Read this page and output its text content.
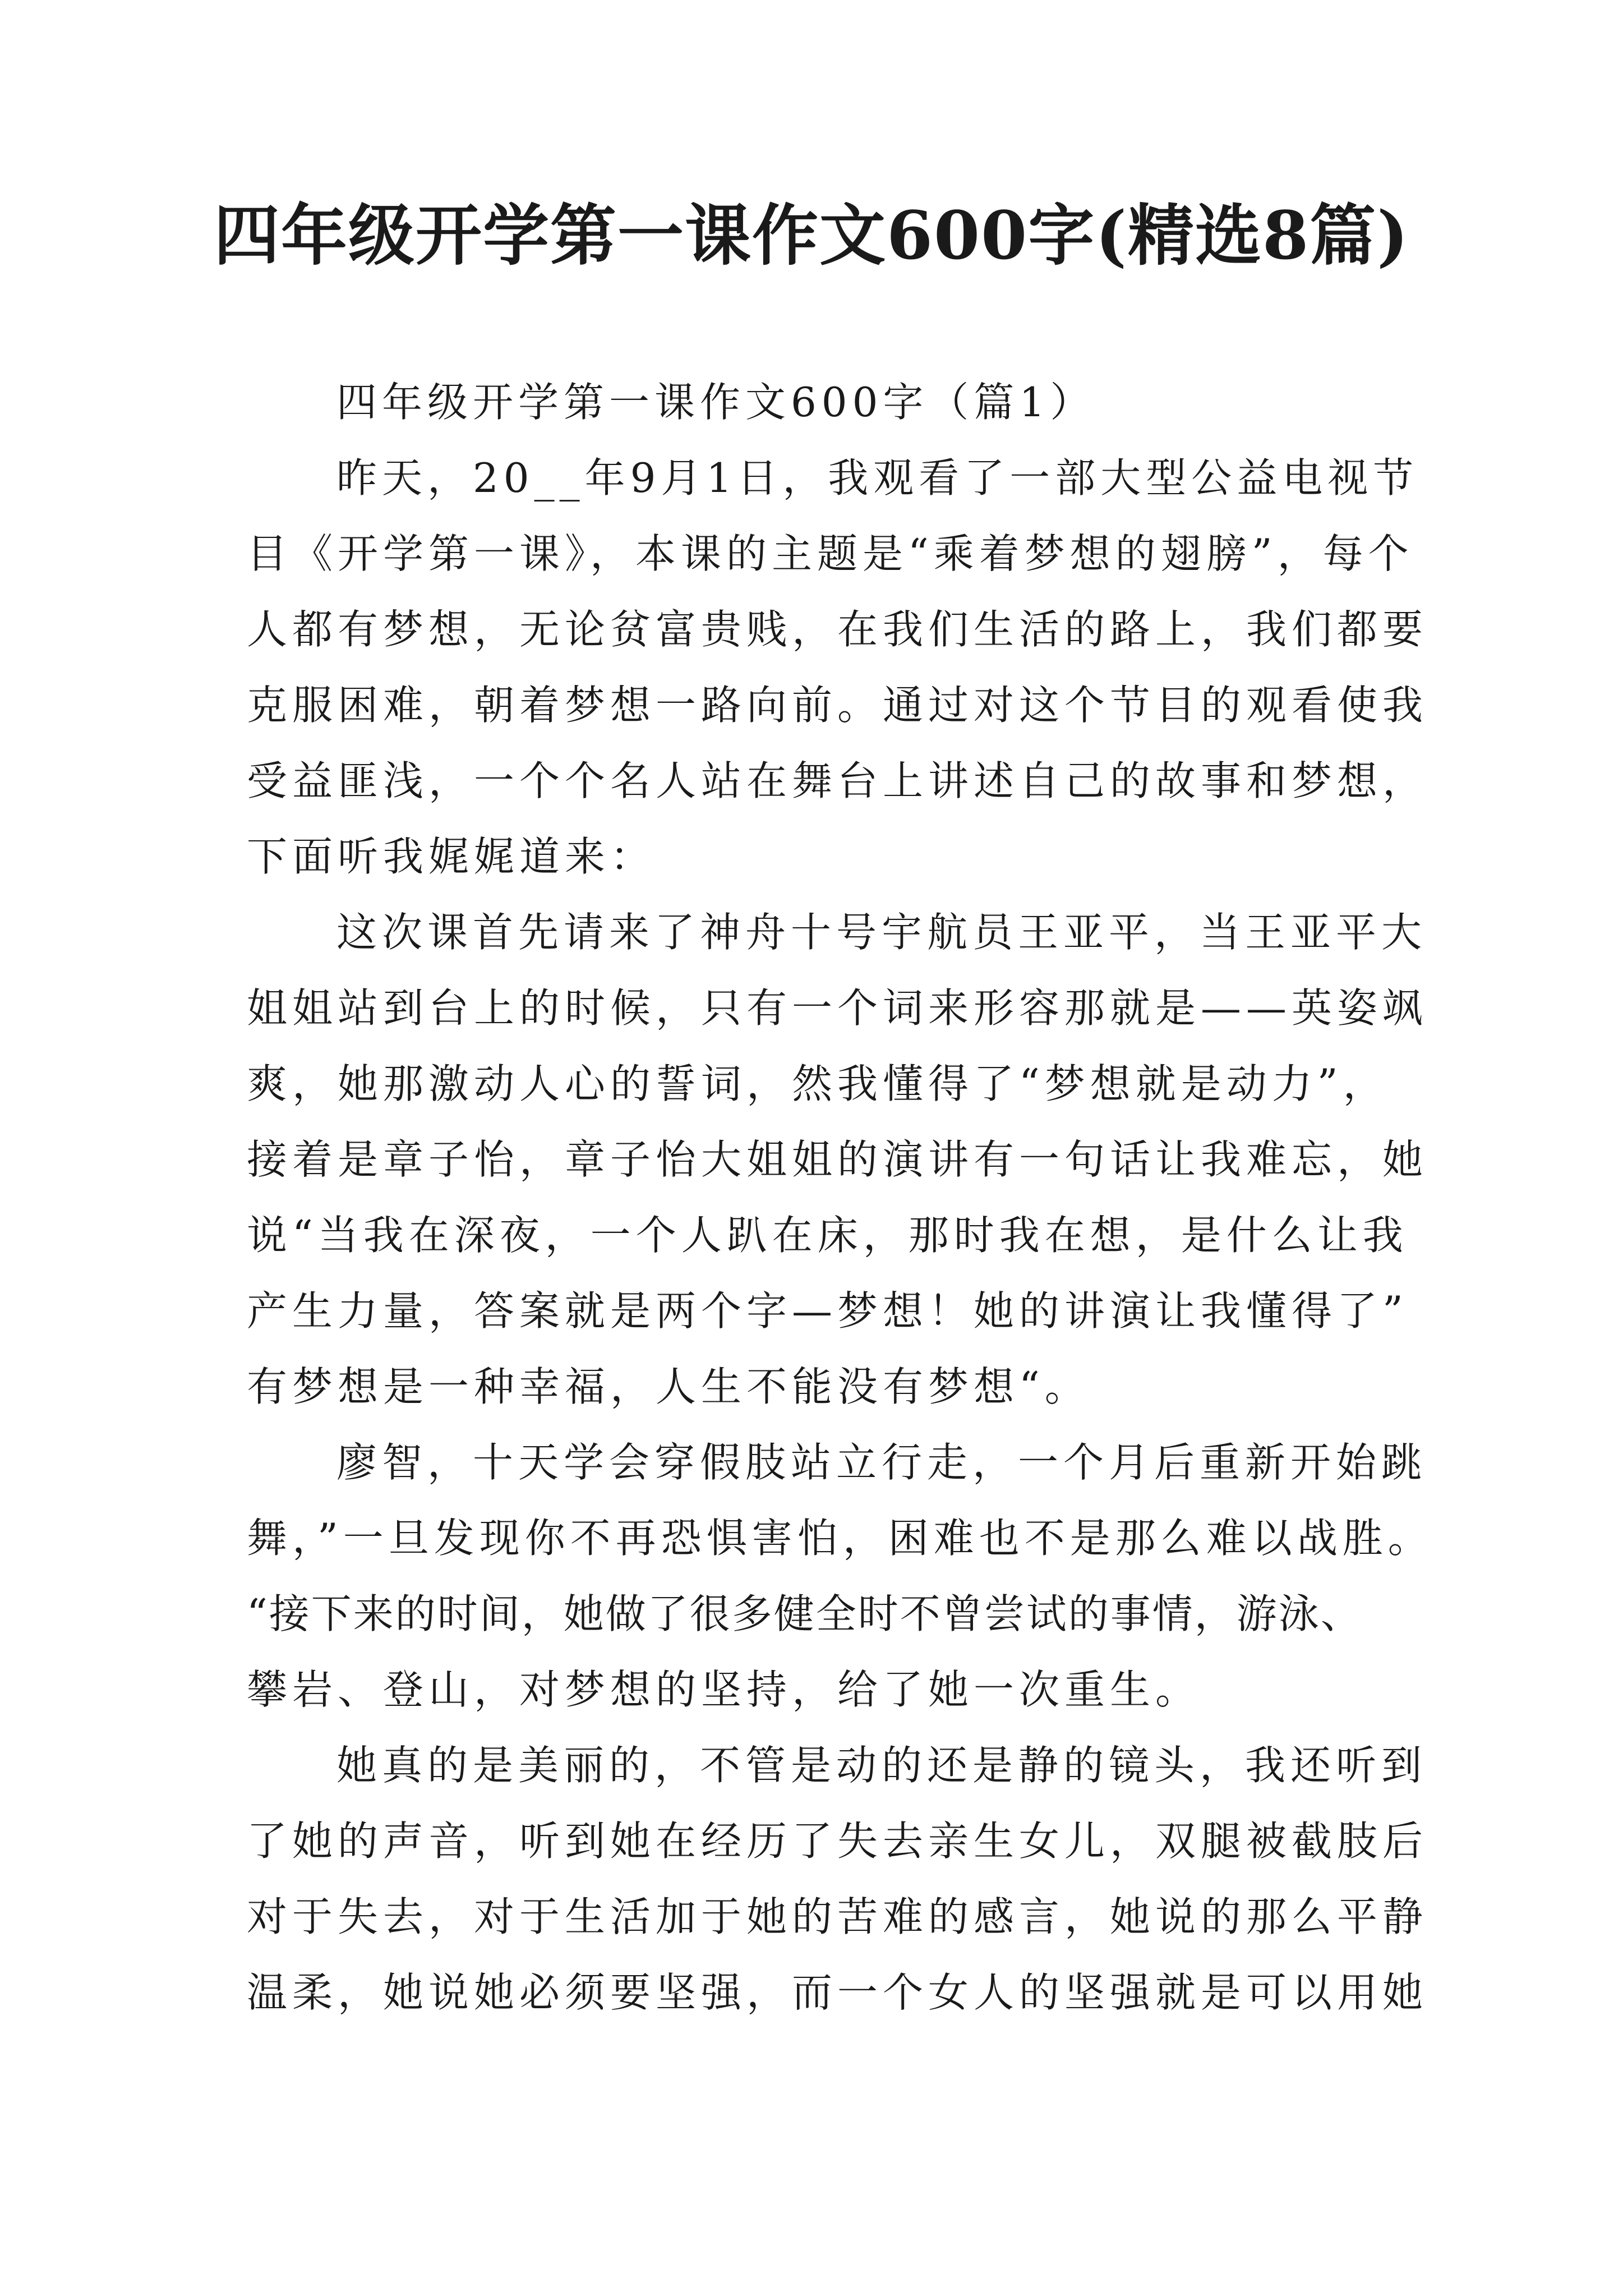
四年级开学第一课作文600字(精选8篇)
四年级开学第一课作文600字（篇1）
昨天，20__年9月1日，我观看了一部大型公益电视节
目《开学第一课》，本课的主题是“乘着梦想的翅膀”，每个
人都有梦想，无论贫富贵贱，在我们生活的路上，我们都要
克服困难，朝着梦想一路向前。通过对这个节目的观看使我
受益匪浅，一个个名人站在舞台上讲述自己的故事和梦想，
下面听我娓娓道来：
这次课首先请来了神舟十号宇航员王亚平，当王亚平大
姐姐站到台上的时候，只有一个词来形容那就是——英姿飒
爽，她那激动人心的誓词，然我懂得了“梦想就是动力”，
接着是章子怡，章子怡大姐姐的演讲有一句话让我难忘，她
说“当我在深夜，一个人趴在床，那时我在想，是什么让我
产生力量，答案就是两个字—梦想！她的讲演让我懂得了”
有梦想是一种幸福，人生不能没有梦想“。
廖智，十天学会穿假肢站立行走，一个月后重新开始跳
舞，”一旦发现你不再恐惧害怕，困难也不是那么难以战胜。
“接下来的时间，她做了很多健全时不曾尝试的事情，游泳、
攀岩、登山，对梦想的坚持，给了她一次重生。
她真的是美丽的，不管是动的还是静的镜头，我还听到
了她的声音，听到她在经历了失去亲生女儿，双腿被截肢后
对于失去，对于生活加于她的苦难的感言，她说的那么平静
温柔，她说她必须要坚强，而一个女人的坚强就是可以用她
